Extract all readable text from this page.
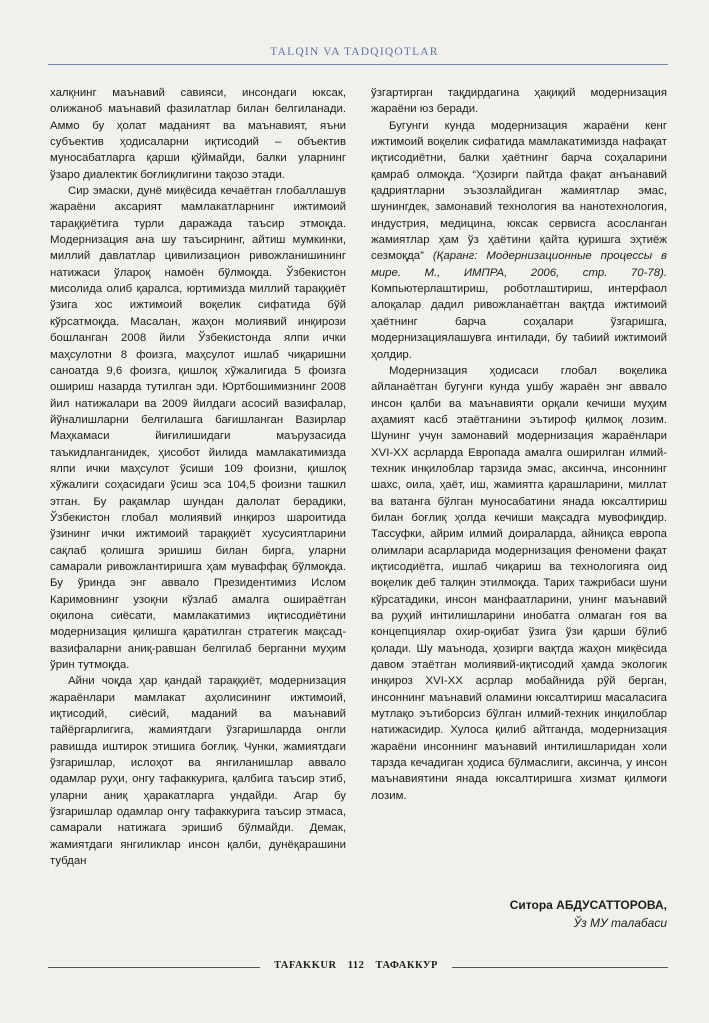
TALQIN VA TADQIQOTLAR

халқнинг маънавий савияси, инсондаги юксак, олижаноб маънавий фазилатлар билан белгиланади. Аммо бу ҳолат маданият ва маънавият, яъни субъектив ҳодисаларни иқтисодий – объектив муносабатларга қарши қўймайди, балки уларнинг ўзаро диалектик боғлиқлигини тақозо этади.

Сир эмаски, дунё миқёсида кечаётган глобаллашув жараёни аксарият мамлакатларнинг ижтимоий тараққиётига турли даражада таъсир этмоқда. Модернизация ана шу таъсирнинг, айтиш мумкинки, миллий давлатлар цивилизацион ривожланишининг натижаси ўлароқ намоён бўлмоқда. Ўзбекистон мисолида олиб қаралса, юртимизда миллий тараққиёт ўзига хос ижтимоий воқелик сифатида бўй кўрсатмоқда. Масалан, жаҳон молиявий инқирози бошланган 2008 йили Ўзбекистонда ялпи ички маҳсулотни 8 фоизга, маҳсулот ишлаб чиқаришни саноатда 9,6 фоизга, қишлоқ хўжалигида 5 фоизга ошириш назарда тутилган эди. Юртбошимизнинг 2008 йил натижалари ва 2009 йилдаги асосий вазифалар, йўналишларни белгилашга бағишланган Вазирлар Маҳкамаси йиғилишидаги маърузасида таъкидланганидек, ҳисобот йилида мамлакатимизда ялпи ички маҳсулот ўсиши 109 фоизни, қишлоқ хўжалиги соҳасидаги ўсиш эса 104,5 фоизни ташкил этган. Бу рақамлар шундан далолат берадики, Ўзбекистон глобал молиявий инқироз шароитида ўзининг ички ижтимоий тараққиёт хусусиятларини сақлаб қолишга эришиш билан бирга, уларни самарали ривожлантиришга ҳам муваффақ бўлмоқда. Бу ўринда энг аввало Президентимиз Ислом Каримовнинг узоқни кўзлаб амалга ошираётган оқилона сиёсати, мамлакатимиз иқтисодиётини модернизация қилишга қаратилган стратегик мақсад-вазифаларни аниқ-равшан белгилаб берганни муҳим ўрин тутмоқда.

Айни чоқда ҳар қандай тараққиёт, модернизация жараёнлари мамлакат аҳолисининг ижтимоий, иқтисодий, сиёсий, маданий ва маънавий тайёргарлигига, жамиятдаги ўзгаришларда онгли равишда иштирок этишига боғлиқ. Чунки, жамиятдаги ўзгаришлар, ислоҳот ва янгиланишлар аввало одамлар руҳи, онгу тафаккурига, қалбига таъсир этиб, уларни аниқ ҳаракатларга ундайди. Агар бу ўзгаришлар одамлар онгу тафаккурига таъсир этмаса, самарали натижага эришиб бўлмайди. Демак, жамиятдаги янгиликлар инсон қалби, дунёқарашини тубдан

ўзгартирган тақдирдагина ҳақиқий модернизация жараёни юз беради.

Бугунги кунда модернизация жараёни кенг ижтимоий воқелик сифатида мамлакатимизда нафақат иқтисодиётни, балки ҳаётнинг барча соҳаларини қамраб олмоқда. “Ҳозирги пайтда фақат анъанавий қадриятларни эъзозлайдиган жамиятлар эмас, шунингдек, замонавий технология ва нанотехнология, индустрия, медицина, юксак сервисга асосланган жамиятлар ҳам ўз ҳаётини қайта қуришга эҳтиёж сезмоқда” (Қаранг: Модернизационные процессы в мире. М., ИМПРА, 2006, стр. 70-78). Компьютерлаштириш, роботлаштириш, интерфаол алоқалар дадил ривожланаётган вақтда ижтимоий ҳаётнинг барча соҳалари ўзгаришга, модернизациялашувга интилади, бу табиий ижтимоий ҳолдир.

Модернизация ҳодисаси глобал воқелика айланаётган бугунги кунда ушбу жараён энг аввало инсон қалби ва маънавияти орқали кечиши муҳим аҳамият касб этаётганини эътироф қилмоқ лозим. Шунинг учун замонавий модернизация жараёнлари XVI-XX асрларда Европада амалга оширилган илмий-техник инқилоблар тарзида эмас, аксинча, инсоннинг шахс, оила, ҳаёт, иш, жамиятга қарашларини, миллат ва ватанга бўлган муносабатини янада юксалтириш билан боғлиқ ҳолда кечиши мақсадга мувофиқдир. Тассуфки, айрим илмий доираларда, айниқса европа олимлари асарларида модернизация феномени фақат иқтисодиётга, ишлаб чиқариш ва технологияга оид воқелик деб талқин этилмоқда. Тарих тажрибаси шуни кўрсатадики, инсон манфаатларини, унинг маънавий ва руҳий интилишларини инобатга олмаган ғоя ва концепциялар охир-оқибат ўзига ўзи қарши бўлиб қолади. Шу маънода, ҳозирги вақтда жаҳон миқёсида давом этаётган молиявий-иқтисодий ҳамда экологик инқироз XVI-XX асрлар мобайнида рўй берган, инсоннинг маънавий оламини юксалтириш масаласига мутлақо эътиборсиз бўлган илмий-техник инқилоблар натижасидир. Хулоса қилиб айтганда, модернизация жараёни инсоннинг маънавий интилишларидан холи тарзда кечадиган ҳодиса бўлмаслиги, аксинча, у инсон маънавиятини янада юксалтиришга хизмат қилмоғи лозим.

Ситора АБДУСАТТОРОВА,
Ўз МУ талабаси
TAFAKKUR 112 ТАФАККУР
